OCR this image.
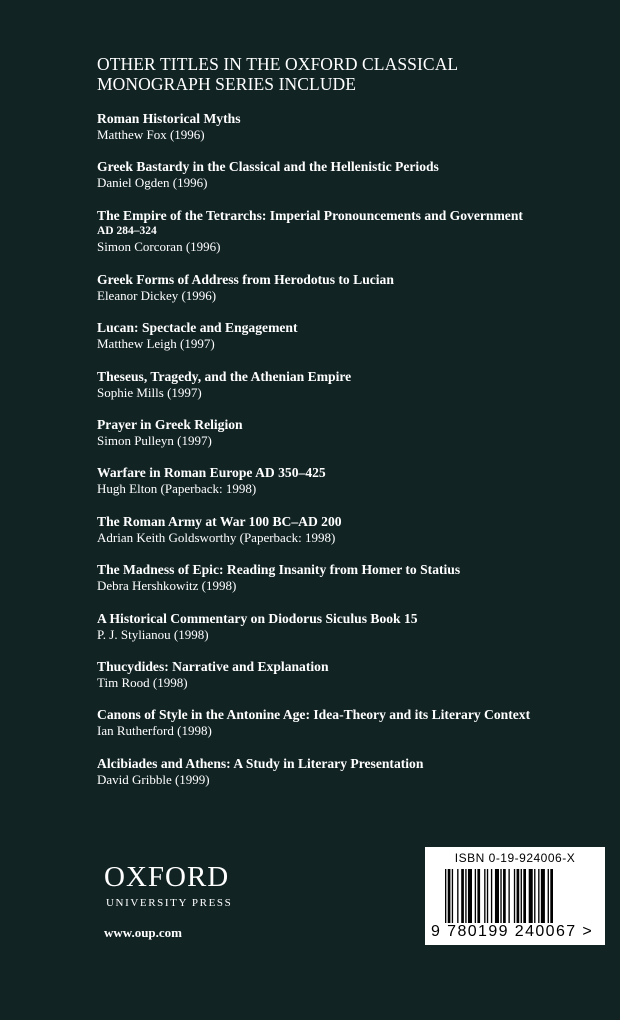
OTHER TITLES IN THE OXFORD CLASSICAL
MONOGRAPH SERIES INCLUDE
Roman Historical Myths
Matthew Fox (1996)
Greek Bastardy in the Classical and the Hellenistic Periods
Daniel Ogden (1996)
The Empire of the Tetrarchs: Imperial Pronouncements and Government
AD 284–324
Simon Corcoran (1996)
Greek Forms of Address from Herodotus to Lucian
Eleanor Dickey (1996)
Lucan: Spectacle and Engagement
Matthew Leigh (1997)
Theseus, Tragedy, and the Athenian Empire
Sophie Mills (1997)
Prayer in Greek Religion
Simon Pulleyn (1997)
Warfare in Roman Europe AD 350–425
Hugh Elton (Paperback: 1998)
The Roman Army at War 100 BC–AD 200
Adrian Keith Goldsworthy (Paperback: 1998)
The Madness of Epic: Reading Insanity from Homer to Statius
Debra Hershkowitz (1998)
A Historical Commentary on Diodorus Siculus Book 15
P. J. Stylianou (1998)
Thucydides: Narrative and Explanation
Tim Rood (1998)
Canons of Style in the Antonine Age: Idea-Theory and its Literary Context
Ian Rutherford (1998)
Alcibiades and Athens: A Study in Literary Presentation
David Gribble (1999)
OXFORD
UNIVERSITY PRESS
www.oup.com
ISBN 0-19-924006-X
9 780199 240067 >
